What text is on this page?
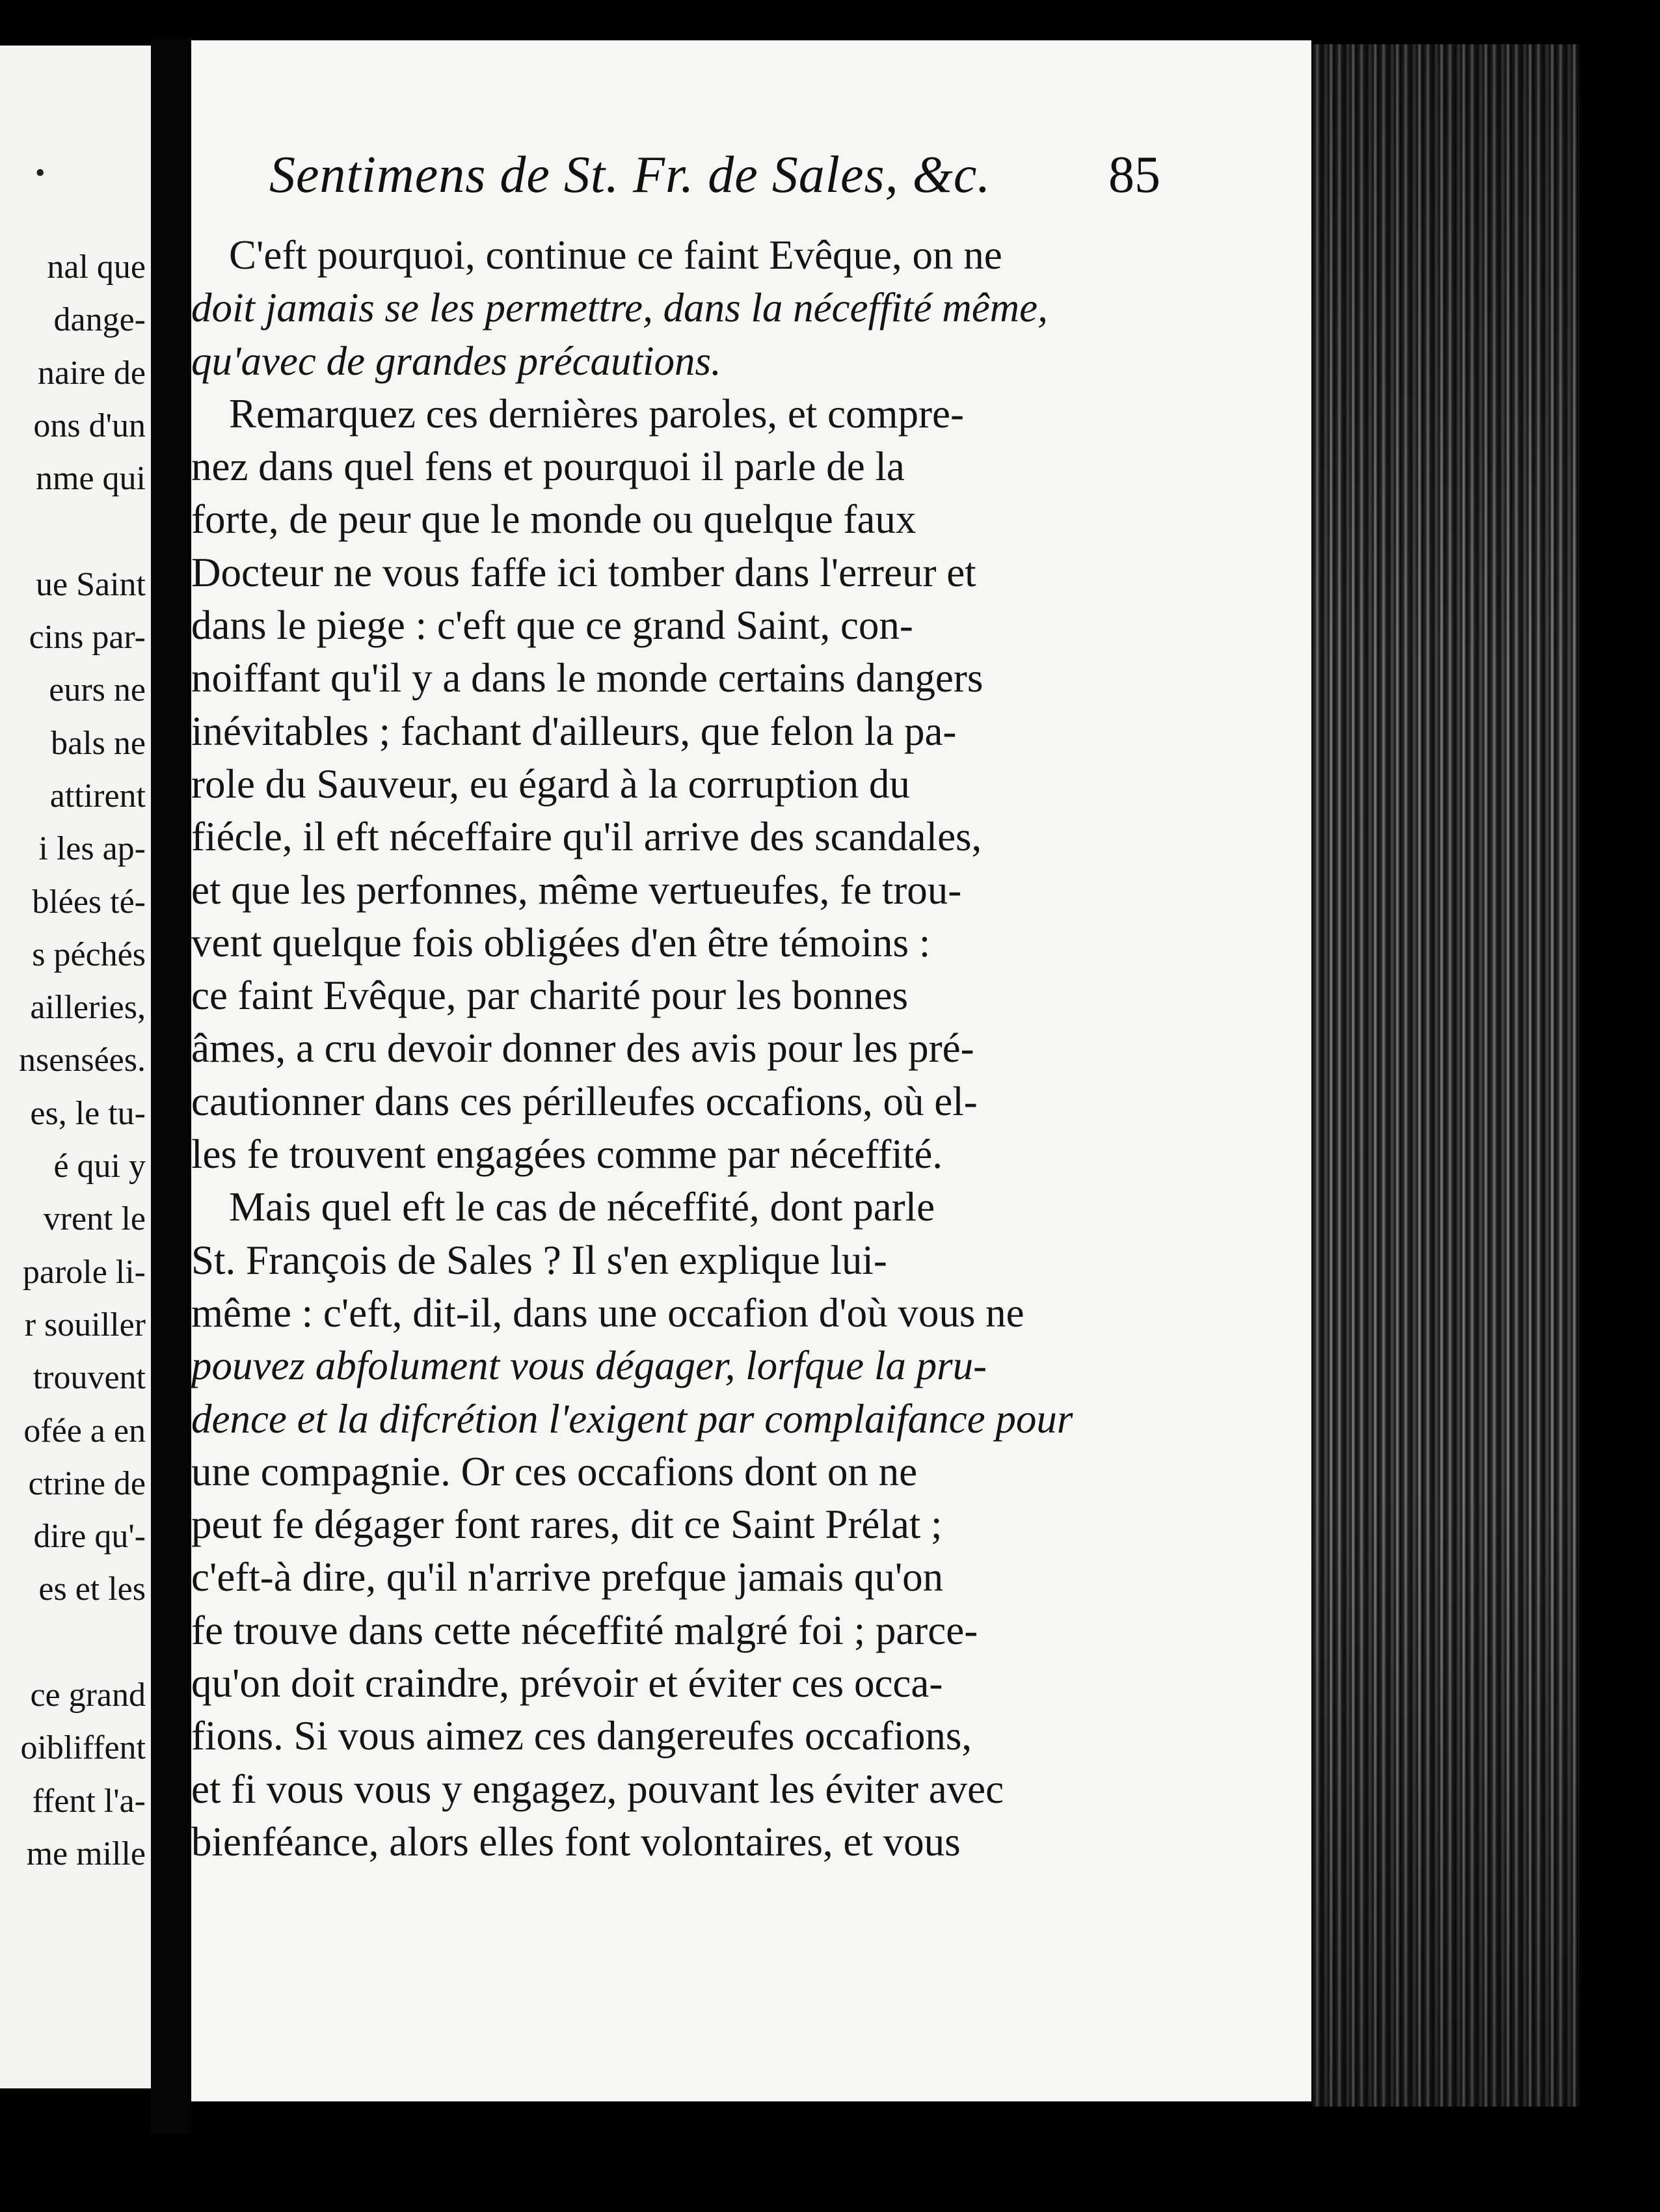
•
nal que
dange-
naire de
ons d'un
nme qui
ue Saint
cins par-
eurs ne
bals ne
attirent
i les ap-
blées té-
s péchés
ailleries,
nsensées.
es, le tu-
é qui y
vrent le
parole li-
r souiller
trouvent
ofée a en
ctrine de
dire qu'-
es et les
ce grand
oibliffent
ffent l'a-
me mille
Sentimens de St. Fr. de Sales, &c. 85
C'eft pourquoi, continue ce faint Evêque, on ne
doit jamais se les permettre, dans la néceffité même,
qu'avec de grandes précautions.
Remarquez ces dernières paroles, et compre-
nez dans quel fens et pourquoi il parle de la
forte, de peur que le monde ou quelque faux
Docteur ne vous faffe ici tomber dans l'erreur et
dans le piege : c'eft que ce grand Saint, con-
noiffant qu'il y a dans le monde certains dangers
inévitables ; fachant d'ailleurs, que felon la pa-
role du Sauveur, eu égard à la corruption du
fiécle, il eft néceffaire qu'il arrive des scandales,
et que les perfonnes, même vertueufes, fe trou-
vent quelque fois obligées d'en être témoins :
ce faint Evêque, par charité pour les bonnes
âmes, a cru devoir donner des avis pour les pré-
cautionner dans ces périlleufes occafions, où el-
les fe trouvent engagées comme par néceffité.
Mais quel eft le cas de néceffité, dont parle
St. François de Sales ? Il s'en explique lui-
même : c'eft, dit-il, dans une occafion d'où vous ne
pouvez abfolument vous dégager, lorfque la pru-
dence et la difcrétion l'exigent par complaifance pour
une compagnie. Or ces occafions dont on ne
peut fe dégager font rares, dit ce Saint Prélat ;
c'eft-à dire, qu'il n'arrive prefque jamais qu'on
fe trouve dans cette néceffité malgré foi ; parce-
qu'on doit craindre, prévoir et éviter ces occa-
fions. Si vous aimez ces dangereufes occafions,
et fi vous vous y engagez, pouvant les éviter avec
bienféance, alors elles font volontaires, et vous
